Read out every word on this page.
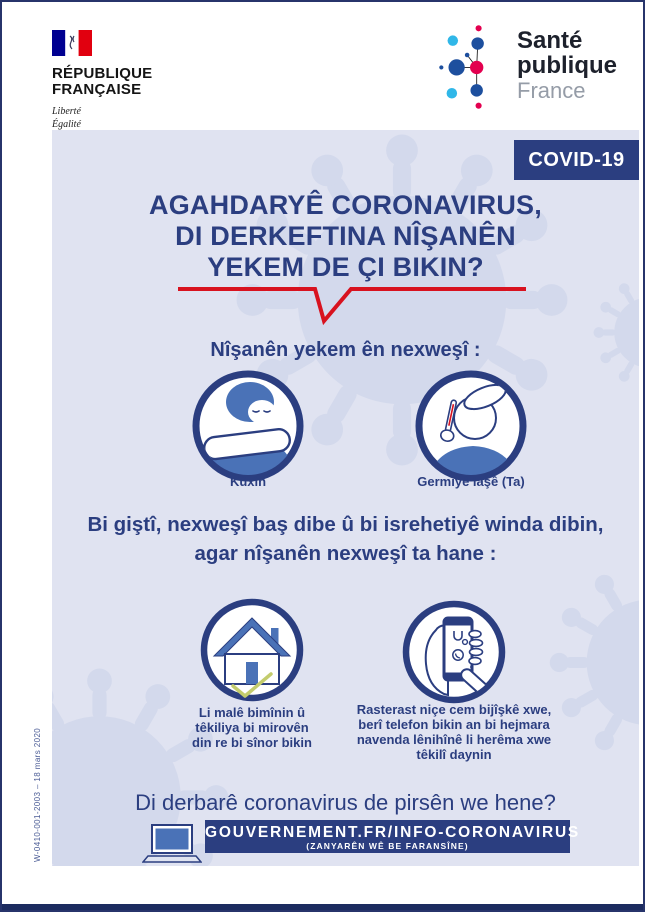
RÉPUBLIQUE
FRANÇAISE
Liberté
Égalité
Santé
publique
France
COVID-19
AGAHDARYÊ CORONAVIRUS,
DI DERKEFTINA NÎŞANÊN
YEKEM DE ÇI BIKIN?
Nîşanên yekem ên nexweşî :
Kûxîn	Germiyê laşê (Ta)
Bi giştî, nexweşî baş dibe û bi isrehetiyê winda dibin,
agar nîşanên nexweşî ta hane :
Li malê bimînin û
têkiliya bi mirovên
din re bi sînor bikin
Rasterast niçe cem bijîşkê xwe,
berî telefon bikin an bi hejmara
navenda lênihînê li herêma xwe
têkilî daynin
Di derbarê coronavirus de pirsên we hene?
GOUVERNEMENT.FR/INFO-CORONAVIRUS
(ZANYARÊN WÊ BE FARANSÎNE)
W-0410-001-2003 – 18 mars 2020
